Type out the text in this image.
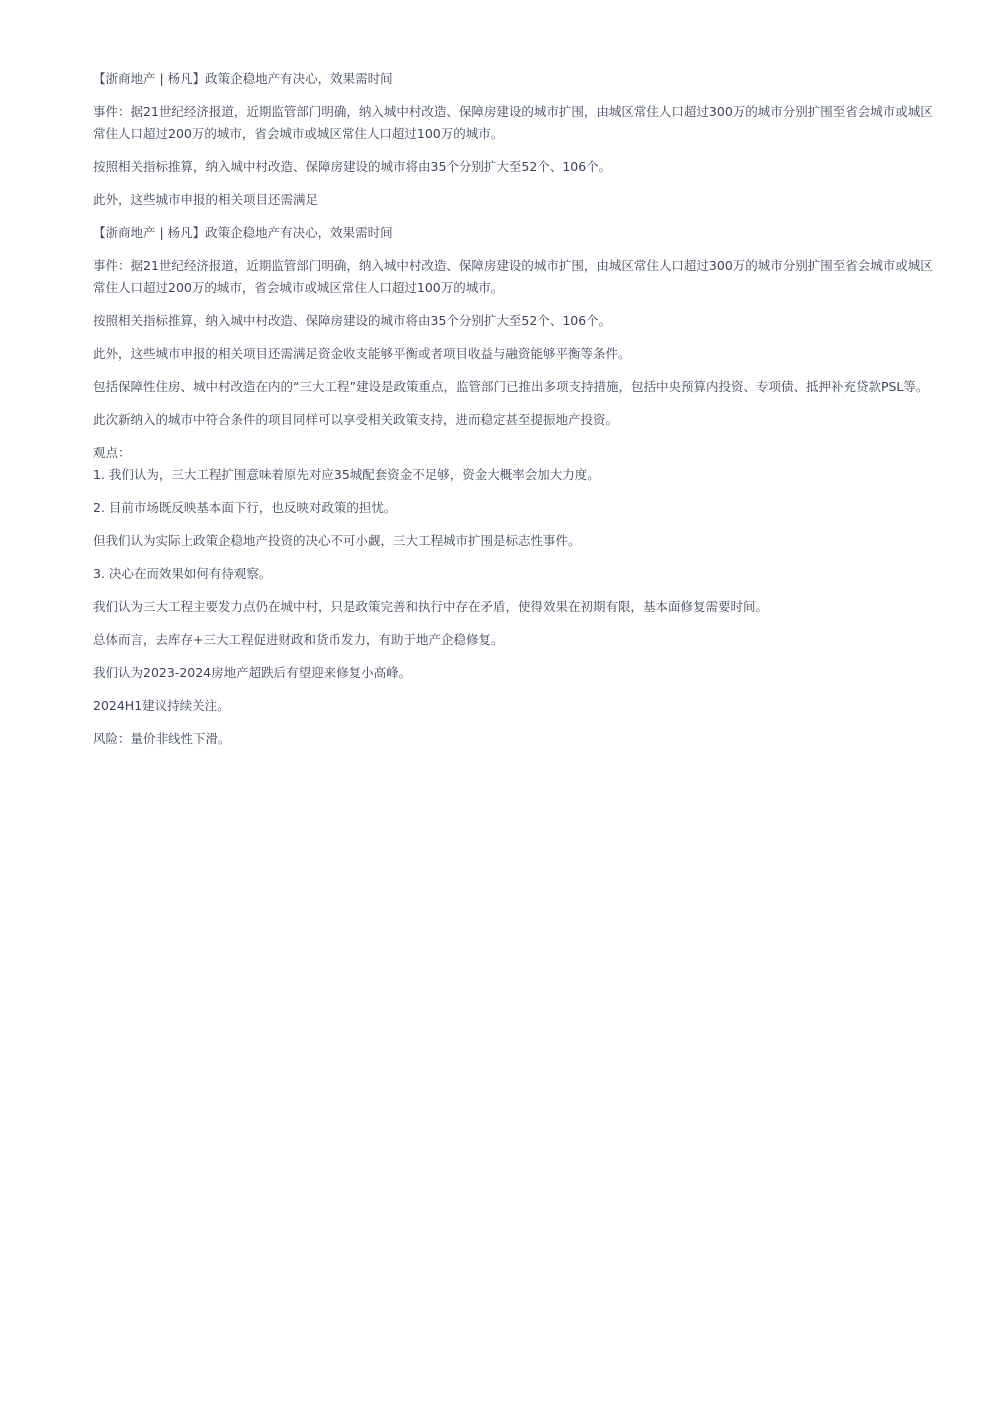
【浙商地产 | 杨凡】政策企稳地产有决心，效果需时间

事件：据21世纪经济报道，近期监管部门明确，纳入城中村改造、保障房建设的城市扩围，由城区常住人口超过300万的城市分别扩围至省会城市或城区常住人口超过200万的城市，省会城市或城区常住人口超过100万的城市。

按照相关指标推算，纳入城中村改造、保障房建设的城市将由35个分别扩大至52个、106个。

此外，这些城市申报的相关项目还需满足

【浙商地产 | 杨凡】政策企稳地产有决心，效果需时间

事件：据21世纪经济报道，近期监管部门明确，纳入城中村改造、保障房建设的城市扩围，由城区常住人口超过300万的城市分别扩围至省会城市或城区常住人口超过200万的城市，省会城市或城区常住人口超过100万的城市。

按照相关指标推算，纳入城中村改造、保障房建设的城市将由35个分别扩大至52个、106个。

此外，这些城市申报的相关项目还需满足资金收支能够平衡或者项目收益与融资能够平衡等条件。

包括保障性住房、城中村改造在内的“三大工程”建设是政策重点，监管部门已推出多项支持措施，包括中央预算内投资、专项债、抵押补充贷款PSL等。

此次新纳入的城市中符合条件的项目同样可以享受相关政策支持，进而稳定甚至提振地产投资。

观点：

1. 我们认为，三大工程扩围意味着原先对应35城配套资金不足够，资金大概率会加大力度。

2. 目前市场既反映基本面下行，也反映对政策的担忧。

但我们认为实际上政策企稳地产投资的决心不可小觑，三大工程城市扩围是标志性事件。

3. 决心在而效果如何有待观察。

我们认为三大工程主要发力点仍在城中村，只是政策完善和执行中存在矛盾，使得效果在初期有限，基本面修复需要时间。

总体而言，去库存+三大工程促进财政和货币发力，有助于地产企稳修复。

我们认为2023-2024房地产超跌后有望迎来修复小高峰。

2024H1建议持续关注。

风险：量价非线性下滑。
